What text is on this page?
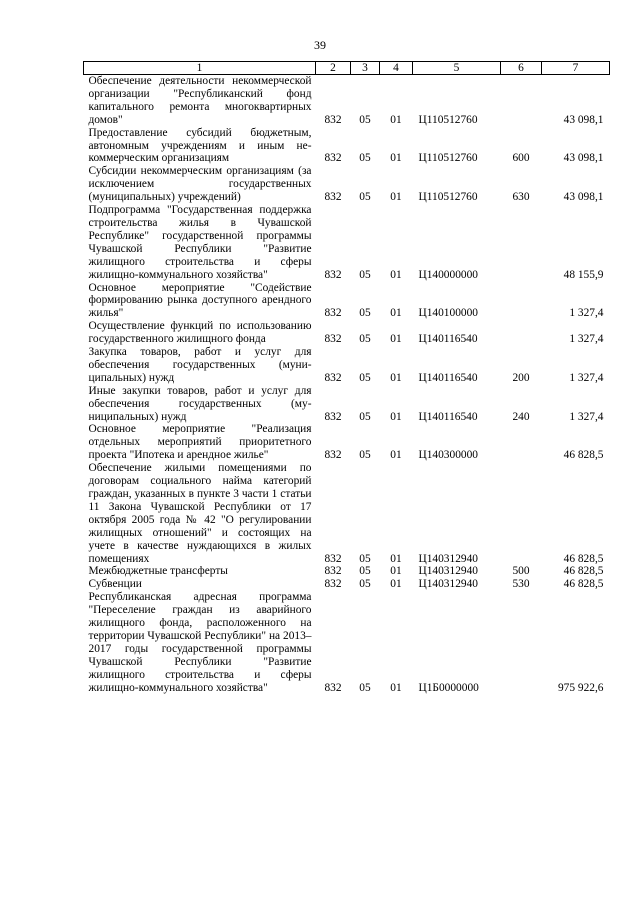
39
1	2	3	4	5	6	7
Обеспечение деятельности некоммерческой организации "Республиканский фонд капитального ремонта многоквартирных домов"	832	05	01	Ц110512760		43 098,1
Предоставление субсидий бюджетным, автономным учреждениям и иным некоммерческим организациям	832	05	01	Ц110512760	600	43 098,1
Субсидии некоммерческим организациям (за исключением государственных (муниципальных) учреждений)	832	05	01	Ц110512760	630	43 098,1
Подпрограмма "Государственная поддержка строительства жилья в Чувашской Республике" государственной программы Чувашской Республики "Развитие жилищного строительства и сферы жилищно-коммунального хозяйства"	832	05	01	Ц140000000		48 155,9
Основное мероприятие "Содействие формированию рынка доступного арендного жилья"	832	05	01	Ц140100000		1 327,4
Осуществление функций по использованию государственного жилищного фонда	832	05	01	Ц140116540		1 327,4
Закупка товаров, работ и услуг для обеспечения государственных (муниципальных) нужд	832	05	01	Ц140116540	200	1 327,4
Иные закупки товаров, работ и услуг для обеспечения государственных (муниципальных) нужд	832	05	01	Ц140116540	240	1 327,4
Основное мероприятие "Реализация отдельных мероприятий приоритетного проекта "Ипотека и арендное жилье"	832	05	01	Ц140300000		46 828,5
Обеспечение жилыми помещениями по договорам социального найма категорий граждан, указанных в пункте 3 части 1 статьи 11 Закона Чувашской Республики от 17 октября 2005 года № 42 "О регулировании жилищных отношений" и состоящих на учете в качестве нуждающихся в жилых помещениях	832	05	01	Ц140312940		46 828,5
Межбюджетные трансферты	832	05	01	Ц140312940	500	46 828,5
Субвенции	832	05	01	Ц140312940	530	46 828,5
Республиканская адресная программа "Переселение граждан из аварийного жилищного фонда, расположенного на территории Чувашской Республики" на 2013–2017 годы государственной программы Чувашской Республики "Развитие жилищного строительства и сферы жилищно-коммунального хозяйства"	832	05	01	Ц1Б0000000		975 922,6
